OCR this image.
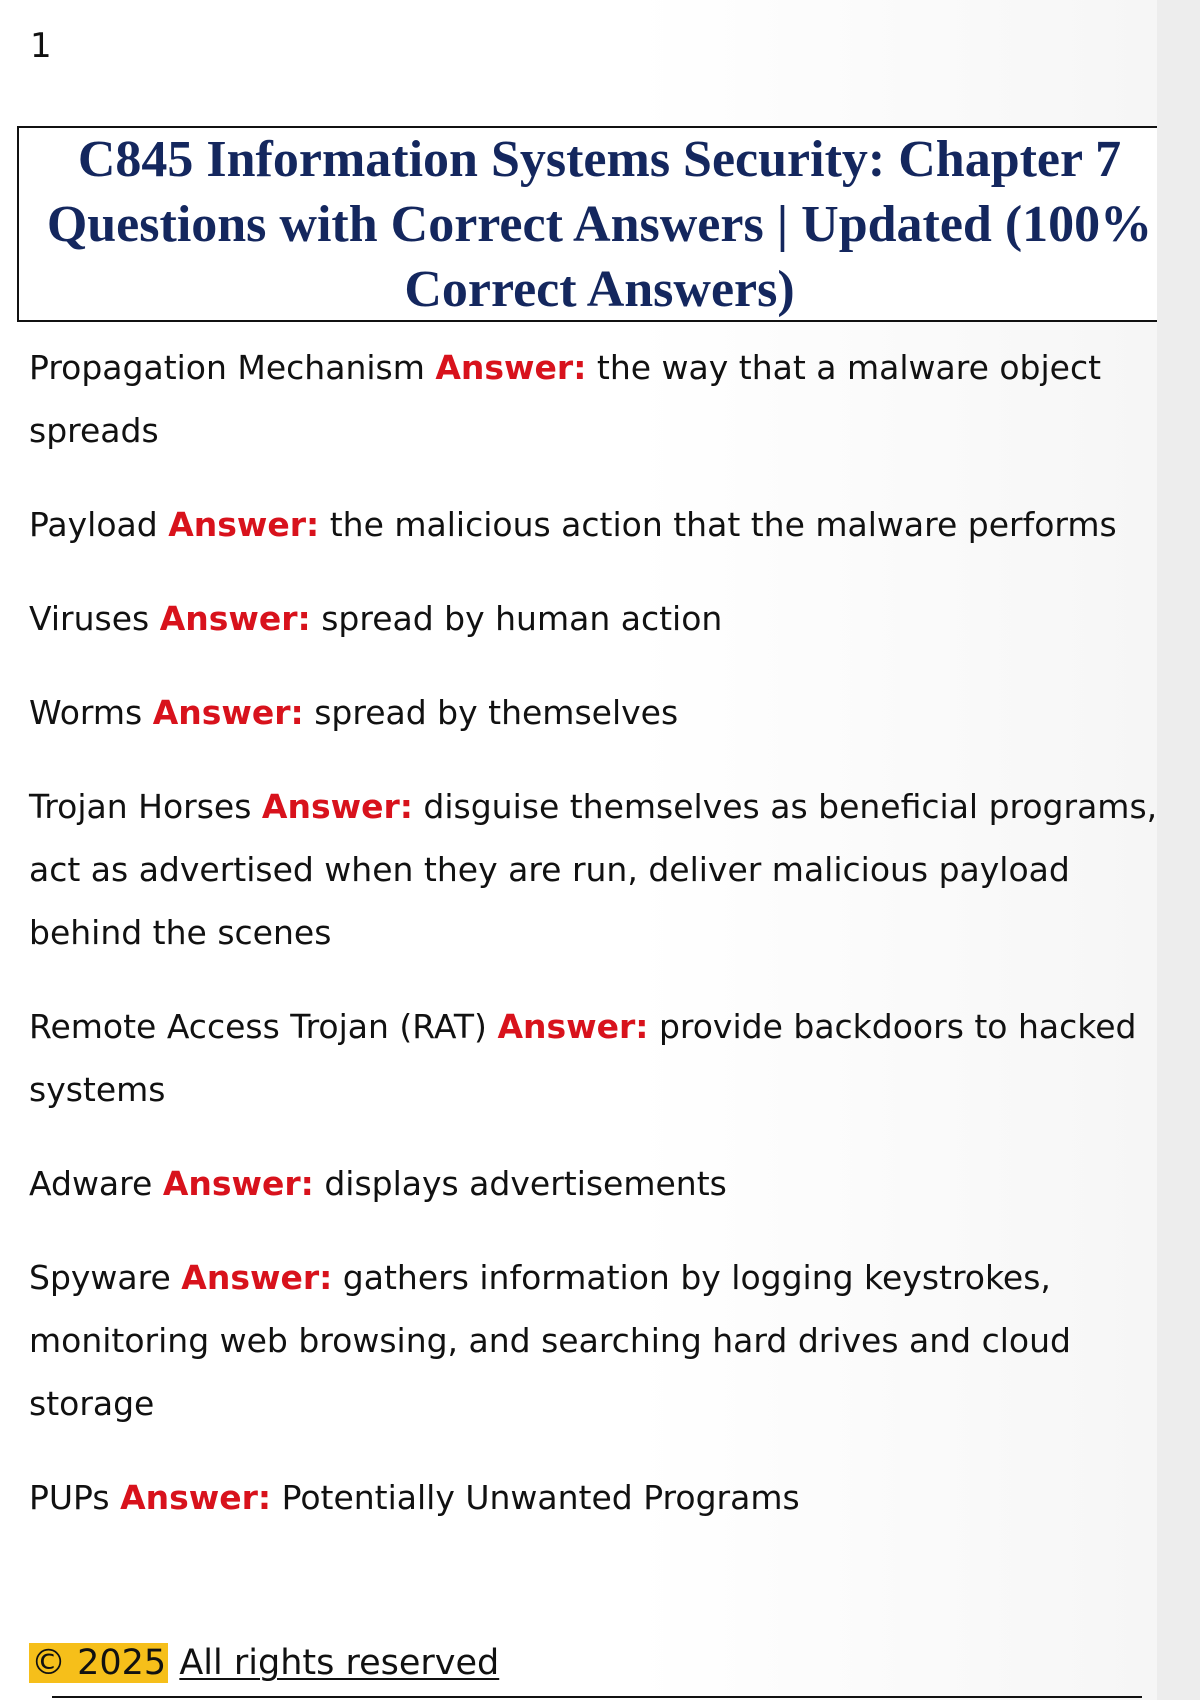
1
C845 Information Systems Security: Chapter 7 Questions with Correct Answers | Updated (100% Correct Answers)
Propagation Mechanism Answer: the way that a malware object spreads
Payload Answer: the malicious action that the malware performs
Viruses Answer: spread by human action
Worms Answer: spread by themselves
Trojan Horses Answer: disguise themselves as beneficial programs, act as advertised when they are run, deliver malicious payload behind the scenes
Remote Access Trojan (RAT) Answer: provide backdoors to hacked systems
Adware Answer: displays advertisements
Spyware Answer: gathers information by logging keystrokes, monitoring web browsing, and searching hard drives and cloud storage
PUPs Answer: Potentially Unwanted Programs
© 2025 All rights reserved
